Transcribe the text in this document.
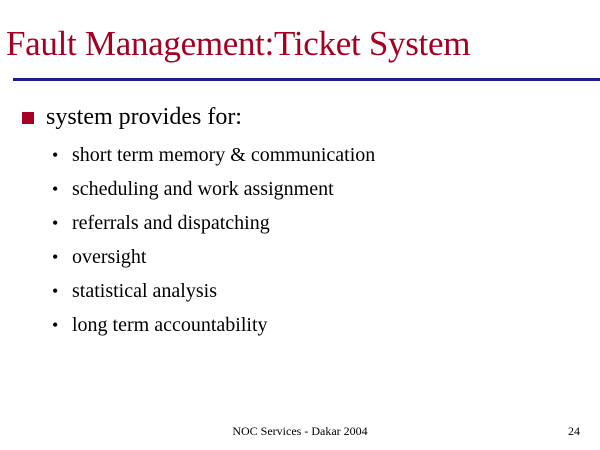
Fault Management:Ticket System
system provides for:
• short term memory & communication
• scheduling and work assignment
• referrals and dispatching
• oversight
• statistical analysis
• long term accountability
NOC Services - Dakar 2004	24
